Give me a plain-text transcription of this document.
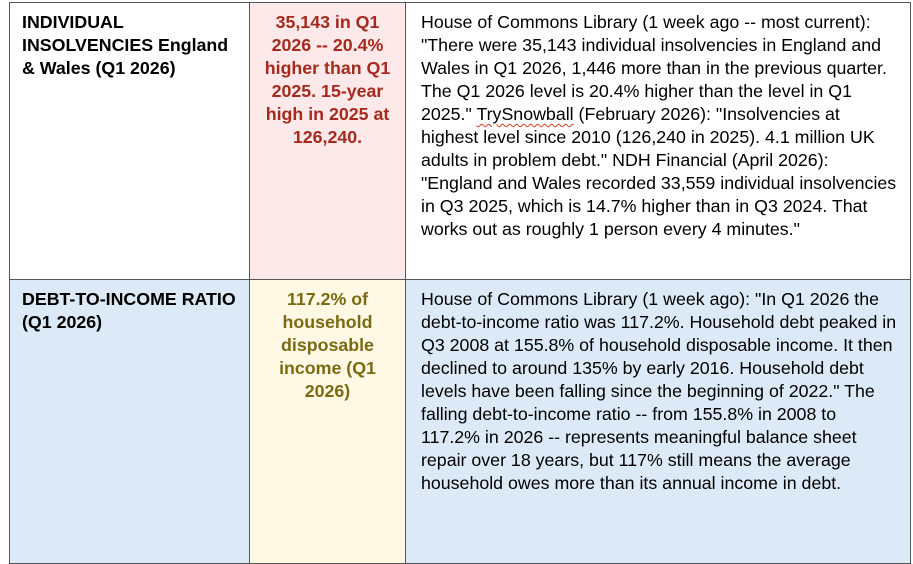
INDIVIDUAL INSOLVENCIES England & Wales (Q1 2026)	35,143 in Q1 2026 -- 20.4% higher than Q1 2025. 15-year high in 2025 at 126,240.	House of Commons Library (1 week ago -- most current): "There were 35,143 individual insolvencies in England and Wales in Q1 2026, 1,446 more than in the previous quarter. The Q1 2026 level is 20.4% higher than the level in Q1 2025." TrySnowball (February 2026): "Insolvencies at highest level since 2010 (126,240 in 2025). 4.1 million UK adults in problem debt." NDH Financial (April 2026): "England and Wales recorded 33,559 individual insolvencies in Q3 2025, which is 14.7% higher than in Q3 2024. That works out as roughly 1 person every 4 minutes."
DEBT-TO-INCOME RATIO (Q1 2026)	117.2% of household disposable income (Q1 2026)	House of Commons Library (1 week ago): "In Q1 2026 the debt-to-income ratio was 117.2%. Household debt peaked in Q3 2008 at 155.8% of household disposable income. It then declined to around 135% by early 2016. Household debt levels have been falling since the beginning of 2022." The falling debt-to-income ratio -- from 155.8% in 2008 to 117.2% in 2026 -- represents meaningful balance sheet repair over 18 years, but 117% still means the average household owes more than its annual income in debt.
